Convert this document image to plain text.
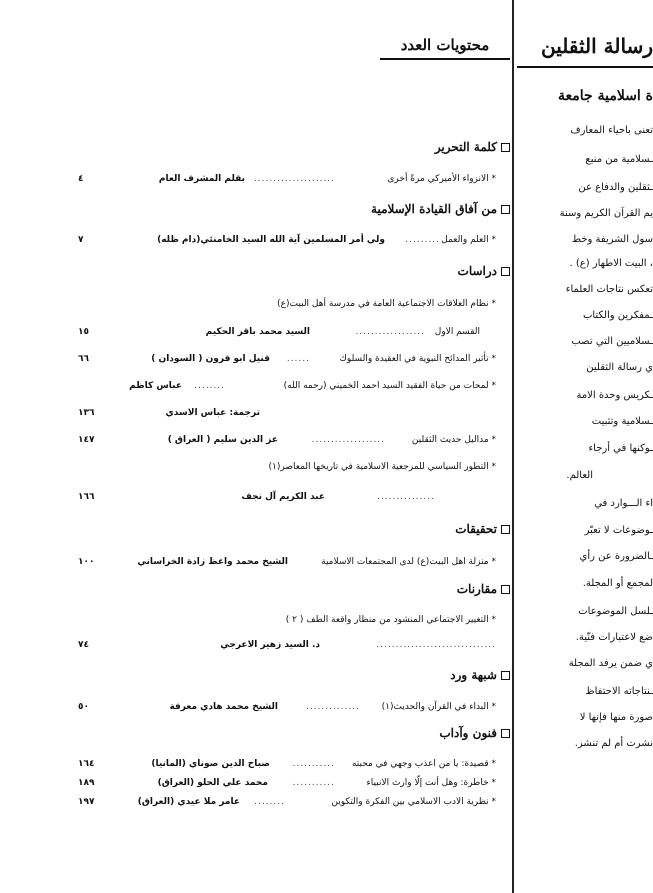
محتويات العدد
كلمة التحرير
* الانزواء الأميركي مرةً أخرى
.....................
بقلم المشرف العام
٤
من آفاق القيادة الإسلامية
* العلم والعمل
.........
ولي أمر المسلمين آية الله السيد الخامنئي(دام ظله)
٧
دراسات
* نظام العلاقات الاجتماعية العامة في مدرسة أهل البيت(ع)
القسم الاول
..................
السيد محمد باقر الحكيم
١٥
* تأثير المدائح النبوية في العقيدة والسلوك
......
قنيل ابو قرون ( السودان )
٦٦
* لمحات من حياة الفقيد السيد احمد الخميني (رحمه الله)
........
عباس كاظم
ترجمة: عباس الاسدي
١٣٦
* مداليل حديث الثقلين
...................
عز الدين سليم ( العراق )
١٤٧
* التطور السياسي للمرجعية الاسلامية في تاريخها المعاصر(١)
...............
عبد الكريم آل نجف
١٦٦
تحقيقات
* منزلة اهل البيت(ع) لدى المجتمعات الاسلامية
الشيخ محمد واعظ زادة الخراساني
١٠٠
مقارنات
* التغيير الاجتماعي المنشود من منظار واقعة الطف ( ٢ )
...............................
د. السيد زهير الاعرجي
٧٤
شبهة ورد
* البداء في القرآن والحديث(١)
..............
الشيخ محمد هادي معرفة
٥٠
فنون وآداب
* قصيدة: يا من اعذب وجهي في محبته
...........
صباح الدين صوناي (المانيا)
١٦٤
* خاطرة: وهل أنت إلّا وارث الانبياء
...........
محمد علي الحلو (العراق)
١٨٩
* نظرية الادب الاسلامي بين الفكرة والتكوين
........
عامر ملا عيدي (العراق)
١٩٧
رسالة الثقلين
ة اسلامية جامعة
تعنى باحياء المعارف
ـسلامية من منبع
ـثقلين والدفاع عن
يم القرآن الكريم وسنة
سول الشريفة وخط
، البيت الاطهار (ع) .
تعكس نتاجات العلماء
ـمفكرين والكتاب
ـسلاميين التي تصب
ي رسالة الثقلين
ـكريس وحدة الامة
ـسلامية وتثبيت
ـوكنها في أرجاء
العالم.
اء الـــوارد في
ـوضوعات لا تعبّر
ـالضرورة عن رأي
لمجمع أو المجلة.
ـلسل الموضوعات
ضع لاعتبارات فنّية.
ي ضمن يرفد المجلة
ـنتاجاته الاحتفاظ
صورة منها فإنها لا
نشرت أم لم تنشر.
